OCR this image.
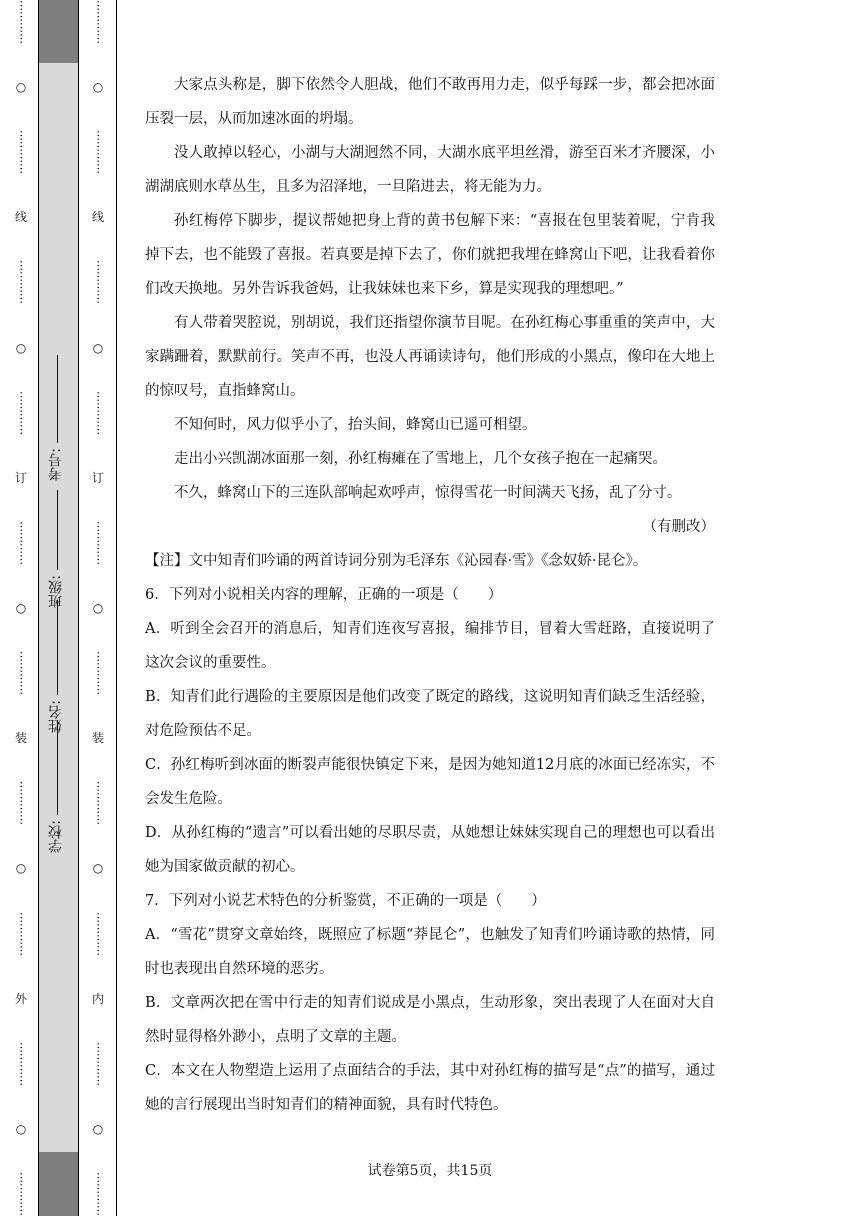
⋯⋯⋯⋯
○
⋯⋯⋯⋯
线
⋯⋯⋯⋯
○
⋯⋯⋯⋯
订
⋯⋯⋯⋯
○
⋯⋯⋯⋯
装
⋯⋯⋯⋯
○
⋯⋯⋯⋯
外
⋯⋯⋯⋯
○
⋯⋯⋯⋯
⋯⋯⋯⋯
○
⋯⋯⋯⋯
线
⋯⋯⋯⋯
○
⋯⋯⋯⋯
订
⋯⋯⋯⋯
○
⋯⋯⋯⋯
装
⋯⋯⋯⋯
○
⋯⋯⋯⋯
内
⋯⋯⋯⋯
○
⋯⋯⋯⋯
学校:
姓名:
班级:
考号:

大家点头称是，脚下依然令人胆战，他们不敢再用力走，似乎每踩一步，都会把冰面压裂一层，从而加速冰面的坍塌。

没人敢掉以轻心，小湖与大湖迥然不同，大湖水底平坦丝滑，游至百米才齐腰深，小湖湖底则水草丛生，且多为沼泽地，一旦陷进去，将无能为力。

孙红梅停下脚步，提议帮她把身上背的黄书包解下来：“喜报在包里装着呢，宁肯我掉下去，也不能毁了喜报。若真要是掉下去了，你们就把我埋在蜂窝山下吧，让我看着你们改天换地。另外告诉我爸妈，让我妹妹也来下乡，算是实现我的理想吧。”

有人带着哭腔说，别胡说，我们还指望你演节目呢。在孙红梅心事重重的笑声中，大家蹒跚着，默默前行。笑声不再，也没人再诵读诗句，他们形成的小黑点，像印在大地上的惊叹号，直指蜂窝山。

不知何时，风力似乎小了，抬头间，蜂窝山已遥可相望。

走出小兴凯湖冰面那一刻，孙红梅瘫在了雪地上，几个女孩子抱在一起痛哭。

不久，蜂窝山下的三连队部响起欢呼声，惊得雪花一时间满天飞扬，乱了分寸。

（有删改）

【注】文中知青们吟诵的两首诗词分别为毛泽东《沁园春·雪》《念奴娇·昆仑》。

6．下列对小说相关内容的理解，正确的一项是（　　）

A．听到全会召开的消息后，知青们连夜写喜报，编排节目，冒着大雪赶路，直接说明了这次会议的重要性。

B．知青们此行遇险的主要原因是他们改变了既定的路线，这说明知青们缺乏生活经验，对危险预估不足。

C．孙红梅听到冰面的断裂声能很快镇定下来，是因为她知道12月底的冰面已经冻实，不会发生危险。

D．从孙红梅的“遗言”可以看出她的尽职尽责，从她想让妹妹实现自己的理想也可以看出她为国家做贡献的初心。

7．下列对小说艺术特色的分析鉴赏，不正确的一项是（　　）

A．“雪花”贯穿文章始终，既照应了标题“莽昆仑”，也触发了知青们吟诵诗歌的热情，同时也表现出自然环境的恶劣。

B．文章两次把在雪中行走的知青们说成是小黑点，生动形象，突出表现了人在面对大自然时显得格外渺小，点明了文章的主题。

C．本文在人物塑造上运用了点面结合的手法，其中对孙红梅的描写是“点”的描写，通过她的言行展现出当时知青们的精神面貌，具有时代特色。

试卷第5页，共15页
